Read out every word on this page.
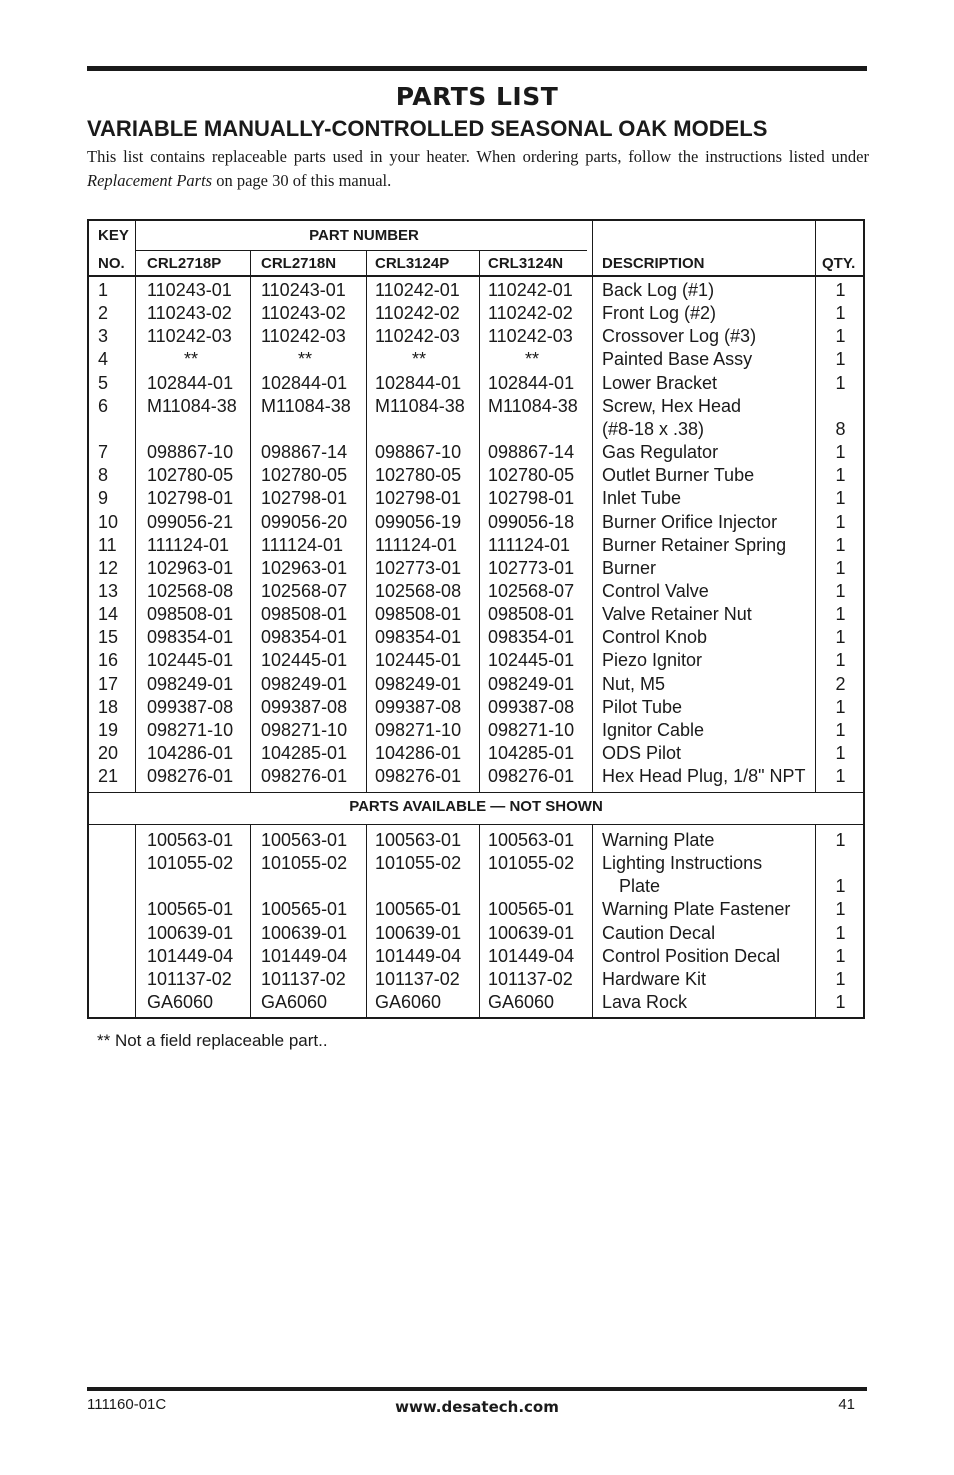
PARTS LIST
VARIABLE MANUALLY-CONTROLLED SEASONAL OAK MODELS
This list contains replaceable parts used in your heater. When ordering parts, follow the instructions listed under Replacement Parts on page 30 of this manual.
KEY
NO.
PART NUMBER
CRL2718P	CRL2718N	CRL3124P	CRL3124N	DESCRIPTION	QTY.
PARTS AVAILABLE — NOT SHOWN
1 110243-01 110243-01 110242-01 110242-01 Back Log (#1)	1
2 110243-02 110243-02 110242-02 110242-02 Front Log (#2)	1
3 110242-03 110242-03 110242-03 110242-03 Crossover Log (#3)	1
4	**	**	**	**	Painted Base Assy	1
5 102844-01 102844-01 102844-01 102844-01 Lower Bracket	1
6 M11084-38 M11084-38 M11084-38 M11084-38 Screw, Hex Head
(#8-18 x .38)	8
7 098867-10 098867-14 098867-10 098867-14 Gas Regulator	1
8 102780-05 102780-05 102780-05 102780-05 Outlet Burner Tube	1
9 102798-01 102798-01 102798-01 102798-01 Inlet Tube	1
10 099056-21 099056-20 099056-19 099056-18 Burner Orifice Injector	1
11 111124-01 111124-01 111124-01 111124-01 Burner Retainer Spring	1
12 102963-01 102963-01 102773-01 102773-01 Burner	1
13 102568-08 102568-07 102568-08 102568-07 Control Valve	1
14 098508-01 098508-01 098508-01 098508-01 Valve Retainer Nut	1
15 098354-01 098354-01 098354-01 098354-01 Control Knob	1
16 102445-01 102445-01 102445-01 102445-01 Piezo Ignitor	1
17 098249-01 098249-01 098249-01 098249-01 Nut, M5	2
18 099387-08 099387-08 099387-08 099387-08 Pilot Tube	1
19 098271-10 098271-10 098271-10 098271-10 Ignitor Cable	1
20 104286-01 104285-01 104286-01 104285-01 ODS Pilot	1
21 098276-01 098276-01 098276-01 098276-01 Hex Head Plug, 1/8" NPT	1
100563-01 100563-01 100563-01 100563-01 Warning Plate	1
101055-02 101055-02 101055-02 101055-02 Lighting Instructions
Plate	1
100565-01 100565-01 100565-01 100565-01 Warning Plate Fastener	1
100639-01 100639-01 100639-01 100639-01 Caution Decal	1
101449-04 101449-04 101449-04 101449-04 Control Position Decal	1
101137-02 101137-02 101137-02 101137-02 Hardware Kit	1
GA6060	GA6060	GA6060	GA6060	Lava Rock	1
** Not a field replaceable part..
111160-01C	www.desatech.com	41
